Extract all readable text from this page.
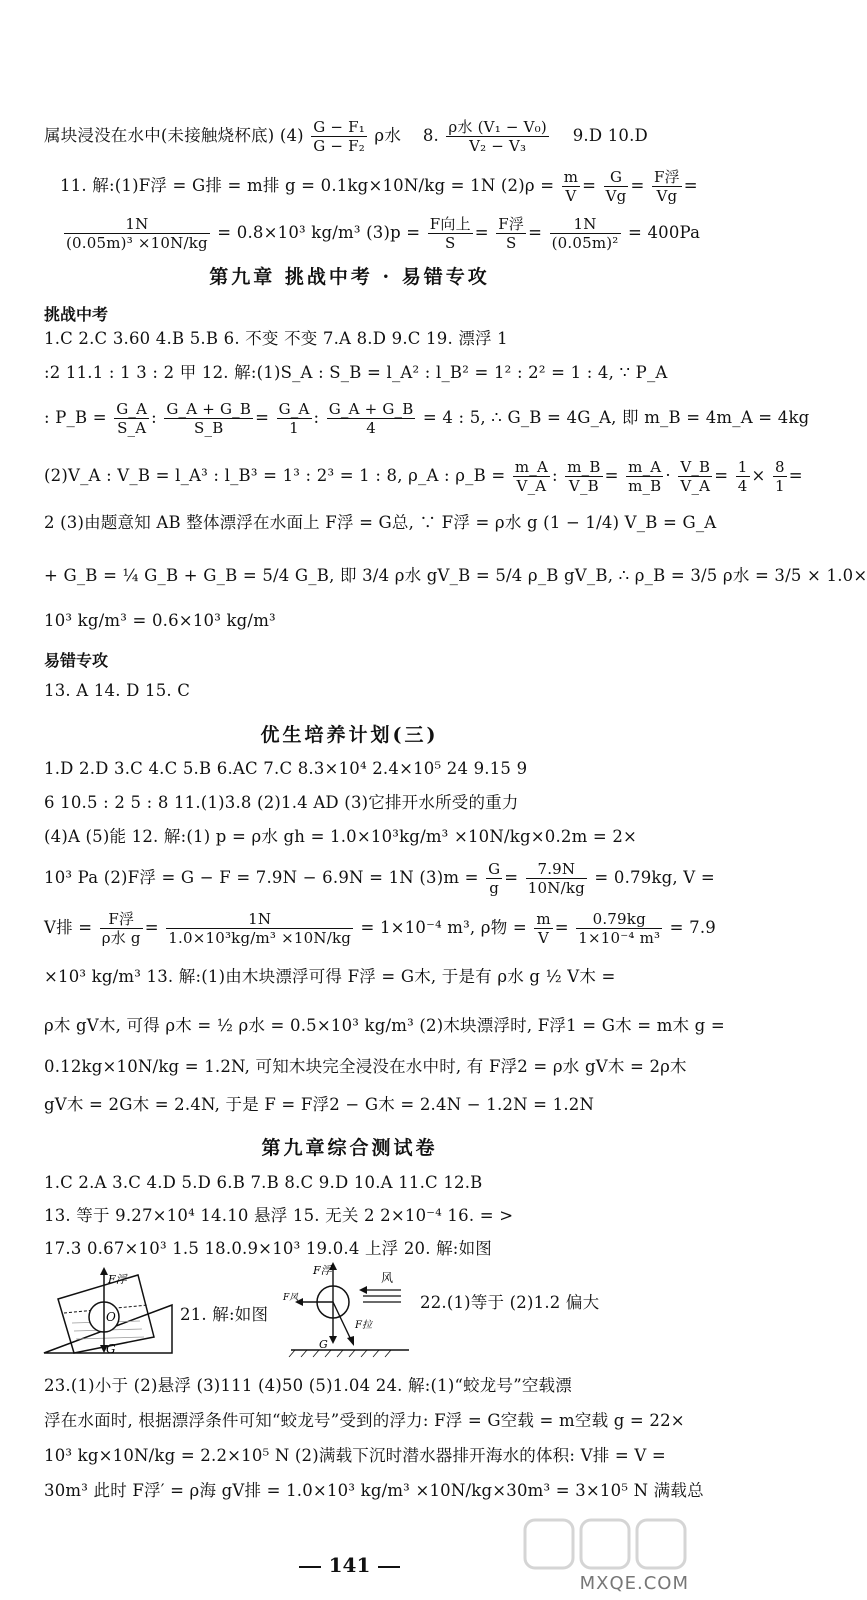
属块浸没在水中(未接触烧杯底) $(4) \frac{\text{G − F₁}}{\text{G − F₂}}$ ρ水 8. $\frac{\text{ρ水 (V₁ − V₀)}}{\text{V₂ − V₃}} 9.D$ 10.D
11. 解:(1)F浮 = G排 = m排 g = 0.1kg×10N/kg = 1N $(2)\rho = \frac{m}{V} = \frac{G}{Vg} = \frac{\text{F浮}}{Vg}$ =
$\frac{1N}{\text{(0.05m)³ ×10N/kg}} = 0.8\times 10^3$ kg/m³ $(3)p = \frac{\text{F向上}}{S} = \frac{\text{F浮}}{S} = \frac{1N}{\text{(0.05m)²}} = 400Pa$
第九章 挑战中考 · 易错专攻
挑战中考
1.C 2.C 3.60 4.B 5.B 6. 不变 不变 7.A 8.D 9.C 19. 漂浮 1
:2 11.1 : 1 3 : 2 甲 12. 解:(1)S_A : S_B = l_A² : l_B² = 1² : 2² = 1 : 4, ∵ P_A
: P_B = $\frac{G\_A}{S\_A}$ : $\frac{G\_A + G\_B}{S\_B} = \frac{G\_A}{1}$ : $\frac{G\_A + G\_B}{4} = 4$ : 5, ∴ G_B = 4G_A, 即 m_B = 4m_A = 4kg
(2)V_A : V_B = l_A³ : l_B³ = 1³ : 2³ = 1 : 8, ρ_A : ρ_B = $\frac{m\_A}{V\_A}$ : $\frac{m\_B}{V\_B} = \frac{m\_A}{m\_B} \cdot \frac{V\_B}{V\_A} = \frac{1}{4} \times \frac{8}{1}$ =
2 (3)由题意知 AB 整体漂浮在水面上 F浮 = G总, ∵ F浮 = ρ水 g (1 − 1/4) V_B = G_A
+ G_B = ¼ G_B + G_B = 5/4 G_B, 即 3/4 ρ水 gV_B = 5/4 ρ_B gV_B, ∴ ρ_B = 3/5 ρ水 = 3/5 × 1.0×
10³ kg/m³ = 0.6×10³ kg/m³
易错专攻
13. A 14. D 15. C
优生培养计划(三)
1.D 2.D 3.C 4.C 5.B 6.AC 7.C 8.3×10⁴ 2.4×10⁵ 24 9.15 9
6 10.5 : 2 5 : 8 11.(1)3.8 (2)1.4 AD (3)它排开水所受的重力
(4)A (5)能 12. 解:(1) p = ρ水 gh = 1.0×10³kg/m³ ×10N/kg×0.2m = 2×
10³ Pa (2)F浮 = G − F = 7.9N − 6.9N = 1N $(3)m = \frac{G}{g} = \frac{7.9N}{10N/kg} = 0.79kg$, V =
V排 = $\frac{\text{F浮}}{\text{ρ水 g}} = \frac{1N}{\text{1.0×10³kg/m³ ×10N/kg}} = 1\times 10^{-4}$ m³, ρ物 = $\frac{m}{V} = \frac{0.79kg}{\text{1×10⁻⁴ m³}} = 7.9$
×10³ kg/m³ 13. 解:(1)由木块漂浮可得 F浮 = G木, 于是有 ρ水 g ½ V木 =
ρ木 gV木, 可得 ρ木 = ½ ρ水 = 0.5×10³ kg/m³ (2)木块漂浮时, F浮1 = G木 = m木 g =
0.12kg×10N/kg = 1.2N, 可知木块完全浸没在水中时, 有 F浮2 = ρ水 gV木 = 2ρ木
gV木 = 2G木 = 2.4N, 于是 F = F浮2 − G木 = 2.4N − 1.2N = 1.2N
第九章综合测试卷
1.C 2.A 3.C 4.D 5.D 6.B 7.B 8.C 9.D 10.A 11.C 12.B
13. 等于 9.27×10⁴ 14.10 悬浮 15. 无关 2 2×10⁻⁴ 16. = >
17.3 0.67×10³ 1.5 18.0.9×10³ 19.0.4 上浮 20. 解:如图
F浮
O
G
21. 解:如图
F浮
风
F风
F拉
G
22.(1)等于 (2)1.2 偏大
23.(1)小于 (2)悬浮 (3)111 (4)50 (5)1.04 24. 解:(1)“蛟龙号”空载漂
浮在水面时, 根据漂浮条件可知“蛟龙号”受到的浮力: F浮 = G空载 = m空载 g = 22×
10³ kg×10N/kg = 2.2×10⁵ N (2)满载下沉时潜水器排开海水的体积: V排 = V =
30m³ 此时 F浮′ = ρ海 gV排 = 1.0×10³ kg/m³ ×10N/kg×30m³ = 3×10⁵ N 满载总
141
MXQE.COM
